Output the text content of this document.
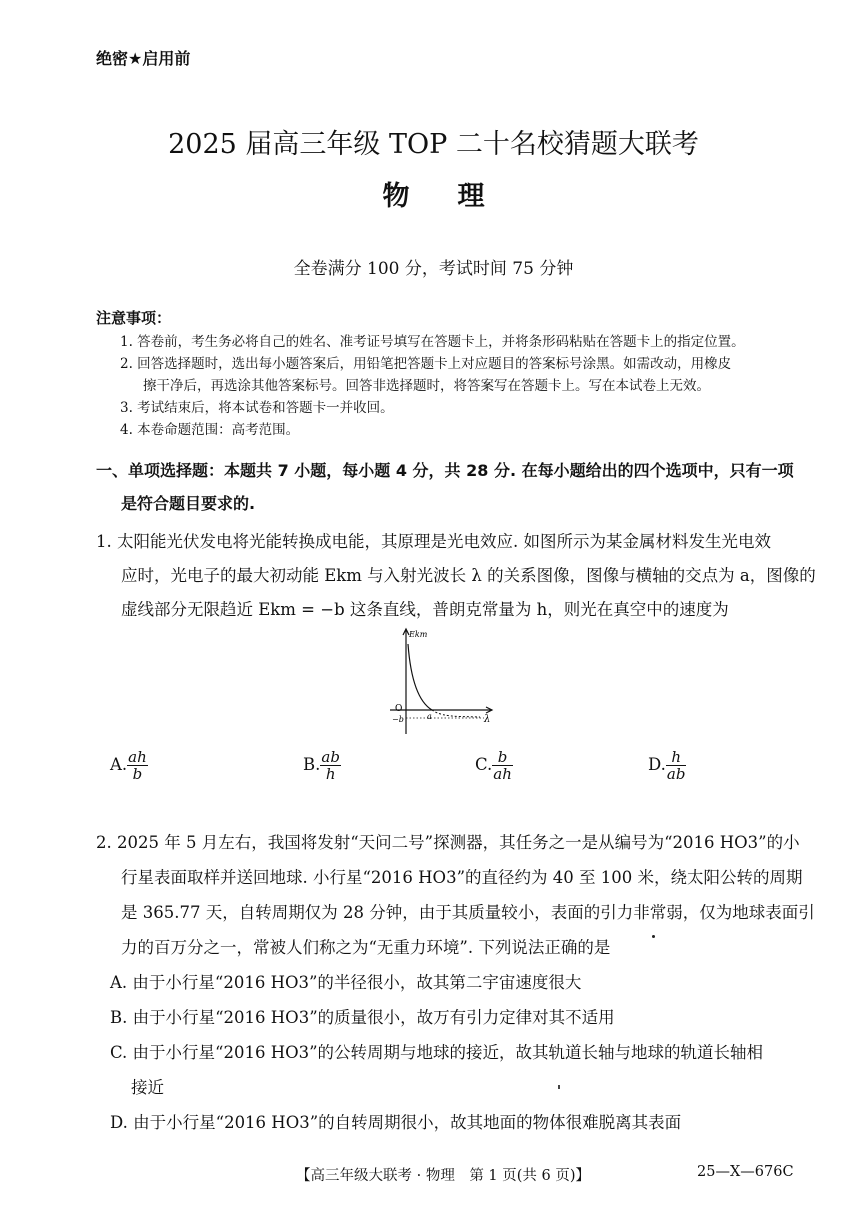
绝密★启用前
2025 届高三年级 TOP 二十名校猜题大联考
物理
全卷满分 100 分，考试时间 75 分钟
注意事项：
1. 答卷前，考生务必将自己的姓名、准考证号填写在答题卡上，并将条形码粘贴在答题卡上的指定位置。
2. 回答选择题时，选出每小题答案后，用铅笔把答题卡上对应题目的答案标号涂黑。如需改动，用橡皮
擦干净后，再选涂其他答案标号。回答非选择题时，将答案写在答题卡上。写在本试卷上无效。
3. 考试结束后，将本试卷和答题卡一并收回。
4. 本卷命题范围：高考范围。
一、单项选择题：本题共 7 小题，每小题 4 分，共 28 分. 在每小题给出的四个选项中，只有一项
是符合题目要求的.
1. 太阳能光伏发电将光能转换成电能，其原理是光电效应. 如图所示为某金属材料发生光电效
应时，光电子的最大初动能 Ekm 与入射光波长 λ 的关系图像，图像与横轴的交点为 a，图像的
虚线部分无限趋近 Ekm = −b 这条直线，普朗克常量为 h，则光在真空中的速度为
Ekm
λ
O
−b	a
A. $\frac{ah}{b}$	B. $\frac{ab}{h}$	C. $\frac{b}{ah}$	D. $\frac{h}{ab}$
2. 2025 年 5 月左右，我国将发射“天问二号”探测器，其任务之一是从编号为“2016 HO3”的小
行星表面取样并送回地球. 小行星“2016 HO3”的直径约为 40 至 100 米，绕太阳公转的周期
是 365.77 天，自转周期仅为 28 分钟，由于其质量较小，表面的引力非常弱，仅为地球表面引
力的百万分之一，常被人们称之为“无重力环境”. 下列说法正确的是
A. 由于小行星“2016 HO3”的半径很小，故其第二宇宙速度很大
B. 由于小行星“2016 HO3”的质量很小，故万有引力定律对其不适用
C. 由于小行星“2016 HO3”的公转周期与地球的接近，故其轨道长轴与地球的轨道长轴相
接近
D. 由于小行星“2016 HO3”的自转周期很小，故其地面的物体很难脱离其表面
【高三年级大联考 · 物理　第 1 页(共 6 页)】	25—X—676C
